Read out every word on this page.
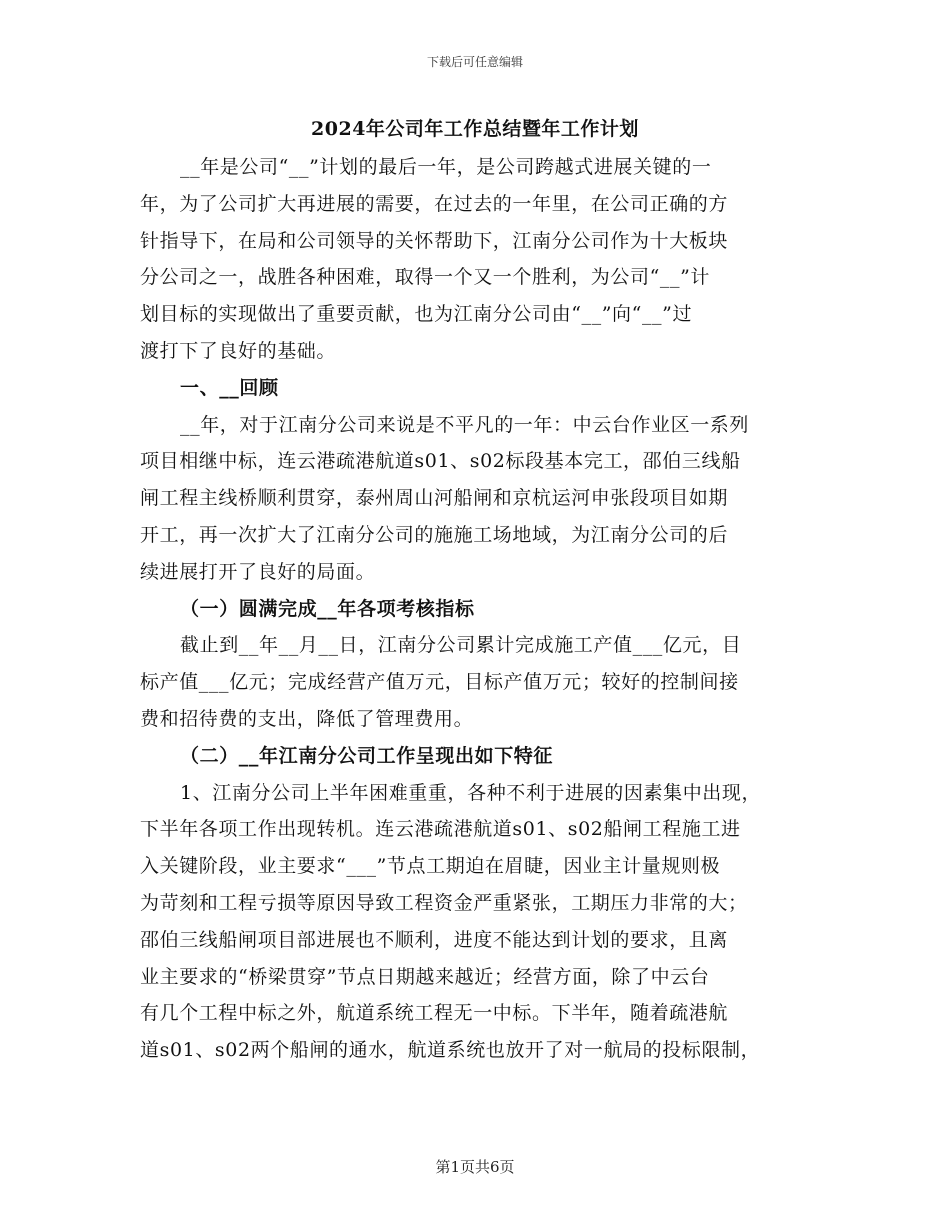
下载后可任意编辑
2024年公司年工作总结暨年工作计划
__年是公司“__”计划的最后一年，是公司跨越式进展关键的一
年，为了公司扩大再进展的需要，在过去的一年里，在公司正确的方
针指导下，在局和公司领导的关怀帮助下，江南分公司作为十大板块
分公司之一，战胜各种困难，取得一个又一个胜利，为公司“__”计
划目标的实现做出了重要贡献，也为江南分公司由“__”向“__”过
渡打下了良好的基础。
一、__回顾
__年，对于江南分公司来说是不平凡的一年：中云台作业区一系列
项目相继中标，连云港疏港航道s01、s02标段基本完工，邵伯三线船
闸工程主线桥顺利贯穿，泰州周山河船闸和京杭运河申张段项目如期
开工，再一次扩大了江南分公司的施施工场地域，为江南分公司的后
续进展打开了良好的局面。
（一）圆满完成__年各项考核指标
截止到__年__月__日，江南分公司累计完成施工产值___亿元，目
标产值___亿元；完成经营产值万元，目标产值万元；较好的控制间接
费和招待费的支出，降低了管理费用。
（二）__年江南分公司工作呈现出如下特征
1、江南分公司上半年困难重重，各种不利于进展的因素集中出现，
下半年各项工作出现转机。连云港疏港航道s01、s02船闸工程施工进
入关键阶段，业主要求“___”节点工期迫在眉睫，因业主计量规则极
为苛刻和工程亏损等原因导致工程资金严重紧张，工期压力非常的大；
邵伯三线船闸项目部进展也不顺利，进度不能达到计划的要求，且离
业主要求的“桥梁贯穿”节点日期越来越近；经营方面，除了中云台
有几个工程中标之外，航道系统工程无一中标。下半年，随着疏港航
道s01、s02两个船闸的通水，航道系统也放开了对一航局的投标限制，
第1页共6页
